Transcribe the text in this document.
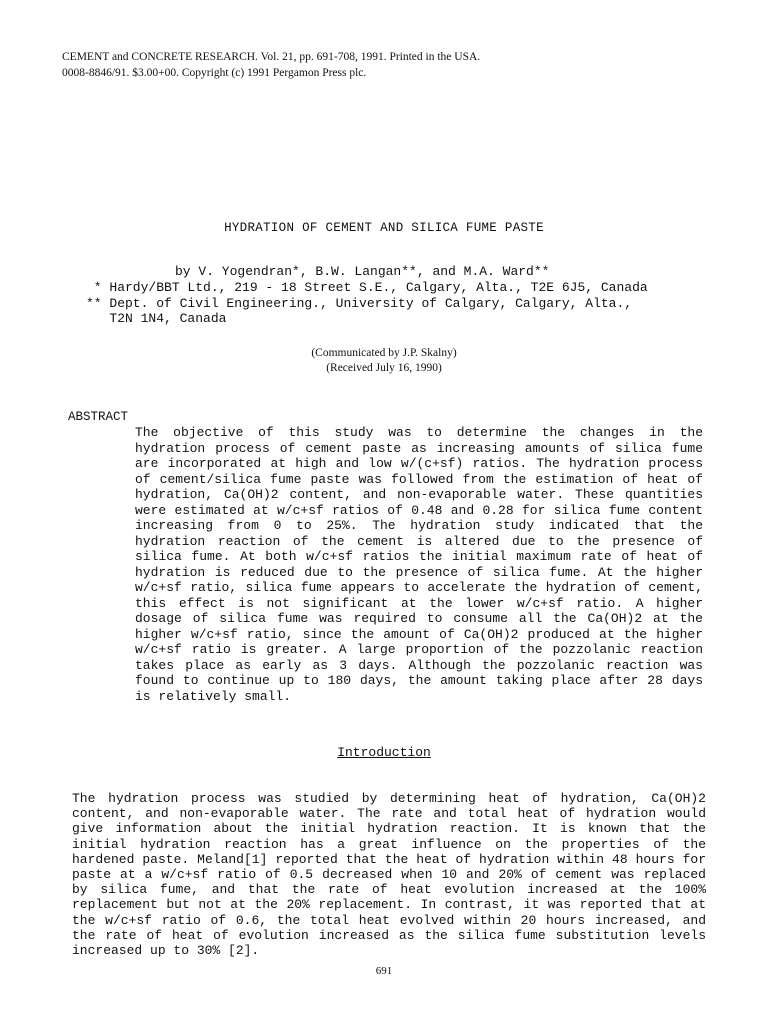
CEMENT and CONCRETE RESEARCH. Vol. 21, pp. 691-708, 1991. Printed in the USA.
0008-8846/91. $3.00+00. Copyright (c) 1991 Pergamon Press plc.
HYDRATION OF CEMENT AND SILICA FUME PASTE
by V. Yogendran*, B.W. Langan**, and M.A. Ward**
* Hardy/BBT Ltd., 219 - 18 Street S.E., Calgary, Alta., T2E 6J5, Canada
** Dept. of Civil Engineering., University of Calgary, Calgary, Alta.,
T2N 1N4, Canada
(Communicated by J.P. Skalny)
(Received July 16, 1990)
ABSTRACT

The objective of this study was to determine the changes in the hydration process of cement paste as increasing amounts of silica fume are incorporated at high and low w/(c+sf) ratios. The hydration process of cement/silica fume paste was followed from the estimation of heat of hydration, Ca(OH)2 content, and non-evaporable water. These quantities were estimated at w/c+sf ratios of 0.48 and 0.28 for silica fume content increasing from 0 to 25%. The hydration study indicated that the hydration reaction of the cement is altered due to the presence of silica fume. At both w/c+sf ratios the initial maximum rate of heat of hydration is reduced due to the presence of silica fume. At the higher w/c+sf ratio, silica fume appears to accelerate the hydration of cement, this effect is not significant at the lower w/c+sf ratio. A higher dosage of silica fume was required to consume all the Ca(OH)2 at the higher w/c+sf ratio, since the amount of Ca(OH)2 produced at the higher w/c+sf ratio is greater. A large proportion of the pozzolanic reaction takes place as early as 3 days. Although the pozzolanic reaction was found to continue up to 180 days, the amount taking place after 28 days is relatively small.

Introduction

The hydration process was studied by determining heat of hydration, Ca(OH)2 content, and non-evaporable water. The rate and total heat of hydration would give information about the initial hydration reaction. It is known that the initial hydration reaction has a great influence on the properties of the hardened paste. Meland[1] reported that the heat of hydration within 48 hours for paste at a w/c+sf ratio of 0.5 decreased when 10 and 20% of cement was replaced by silica fume, and that the rate of heat evolution increased at the 100% replacement but not at the 20% replacement. In contrast, it was reported that at the w/c+sf ratio of 0.6, the total heat evolved within 20 hours increased, and the rate of heat of evolution increased as the silica fume substitution levels increased up to 30% [2].

691
